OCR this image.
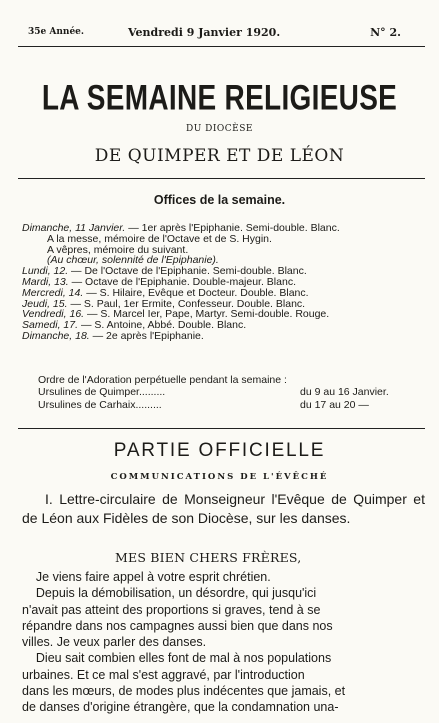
35e Année.	Vendredi 9 Janvier 1920.	N° 2.
LA SEMAINE RELIGIEUSE
DU DIOCÈSE
DE QUIMPER ET DE LÉON
Offices de la semaine.
Dimanche, 11 Janvier. — 1er après l'Epiphanie. Semi-double. Blanc.
A la messe, mémoire de l'Octave et de S. Hygin.
A vêpres, mémoire du suivant.
(Au chœur, solennité de l'Epiphanie).
Lundi, 12. — De l'Octave de l'Epiphanie. Semi-double. Blanc.
Mardi, 13. — Octave de l'Epiphanie. Double-majeur. Blanc.
Mercredi, 14. — S. Hilaire, Evêque et Docteur. Double. Blanc.
Jeudi, 15. — S. Paul, 1er Ermite, Confesseur. Double. Blanc.
Vendredi, 16. — S. Marcel Ier, Pape, Martyr. Semi-double. Rouge.
Samedi, 17. — S. Antoine, Abbé. Double. Blanc.
Dimanche, 18. — 2e après l'Epiphanie.
Ordre de l'Adoration perpétuelle pendant la semaine :
Ursulines de Quimper.........	du 9 au 16 Janvier.
Ursulines de Carhaix.........	du 17 au 20 —
PARTIE OFFICIELLE
COMMUNICATIONS DE L'ÉVÊCHÉ
I. Lettre-circulaire de Monseigneur l'Evêque de Quimper et de Léon aux Fidèles de son Diocèse, sur les danses.
MES BIEN CHERS FRÈRES,
Je viens faire appel à votre esprit chrétien.
Depuis la démobilisation, un désordre, qui jusqu'ici
n'avait pas atteint des proportions si graves, tend à se
répandre dans nos campagnes aussi bien que dans nos
villes. Je veux parler des danses.
Dieu sait combien elles font de mal à nos populations
urbaines. Et ce mal s'est aggravé, par l'introduction
dans les mœurs, de modes plus indécentes que jamais, et
de danses d'origine étrangère, que la condamnation una-
